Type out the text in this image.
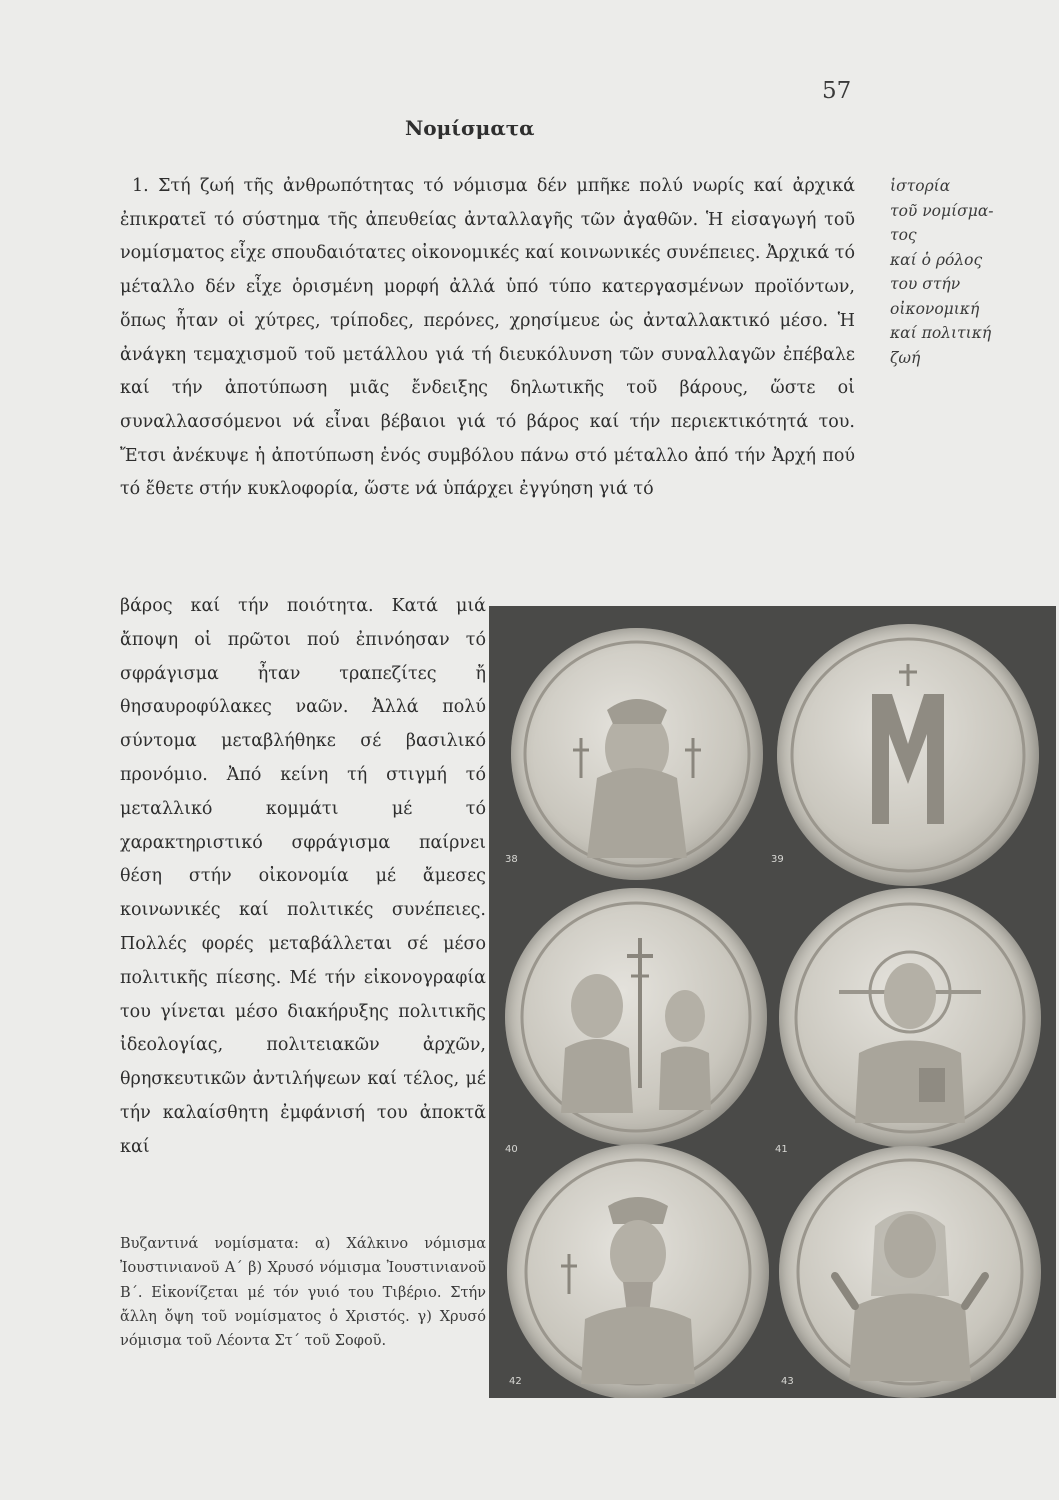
57
Νομίσματα
1. Στή ζωή τῆς ἀνθρωπότητας τό νόμισμα δέν μπῆκε πολύ νωρίς καί ἀρχικά ἐπικρατεῖ τό σύστημα τῆς ἀπευθείας ἀνταλλαγῆς τῶν ἀγαθῶν. Ἡ εἰσαγωγή τοῦ νομίσματος εἶχε σπουδαιότατες οἰκονομικές καί κοινωνικές συνέπειες. Ἀρχικά τό μέταλλο δέν εἶχε ὁρισμένη μορφή ἀλλά ὑπό τύπο κατεργασμένων προϊόντων, ὅπως ἦταν οἱ χύτρες, τρίποδες, περόνες, χρησίμευε ὡς ἀνταλλακτικό μέσο. Ἡ ἀνάγκη τεμαχισμοῦ τοῦ μετάλλου γιά τή διευκόλυνση τῶν συναλλαγῶν ἐπέβαλε καί τήν ἀποτύπωση μιᾶς ἔνδειξης δηλωτικῆς τοῦ βάρους, ὥστε οἱ συναλλασσόμενοι νά εἶναι βέβαιοι γιά τό βάρος καί τήν περιεκτικότητά του. Ἔτσι ἀνέκυψε ἡ ἀποτύπωση ἑνός συμβόλου πάνω στό μέταλλο ἀπό τήν Ἀρχή πού τό ἔθετε στήν κυκλοφορία, ὥστε νά ὑπάρχει ἐγγύηση γιά τό
ἱστορία
τοῦ νομίσμα-
τος
καί ὁ ρόλος
του στήν
οἰκονομική
καί πολιτική
ζωή
βάρος καί τήν ποιότητα. Κατά μιά ἄποψη οἱ πρῶτοι πού ἐπινόησαν τό σφράγισμα ἦταν τραπεζίτες ἤ θησαυροφύλακες ναῶν. Ἀλλά πολύ σύντομα μεταβλήθηκε σέ βασιλικό προνόμιο. Ἀπό κείνη τή στιγμή τό μεταλλικό κομμάτι μέ τό χαρακτηριστικό σφράγισμα παίρνει θέση στήν οἰκονομία μέ ἄμεσες κοινωνικές καί πολιτικές συνέπειες. Πολλές φορές μεταβάλλεται σέ μέσο πολιτικῆς πίεσης. Μέ τήν εἰκονογραφία του γίνεται μέσο διακήρυξης πολιτικῆς ἰδεολογίας, πολιτειακῶν ἀρχῶν, θρησκευτικῶν ἀντιλήψεων καί τέλος, μέ τήν καλαίσθητη ἐμφάνισή του ἀποκτᾶ καί
Βυζαντινά νομίσματα: α) Χάλκινο νόμισμα Ἰουστινιανοῦ Α΄ β) Χρυσό νόμισμα Ἰουστινιανοῦ Β΄. Εἰκονίζεται μέ τόν γυιό του Τιβέριο. Στήν ἄλλη ὄψη τοῦ νομίσματος ὁ Χριστός. γ) Χρυσό νόμισμα τοῦ Λέοντα Στ΄ τοῦ Σοφοῦ.
38	39
40	41
42	43
